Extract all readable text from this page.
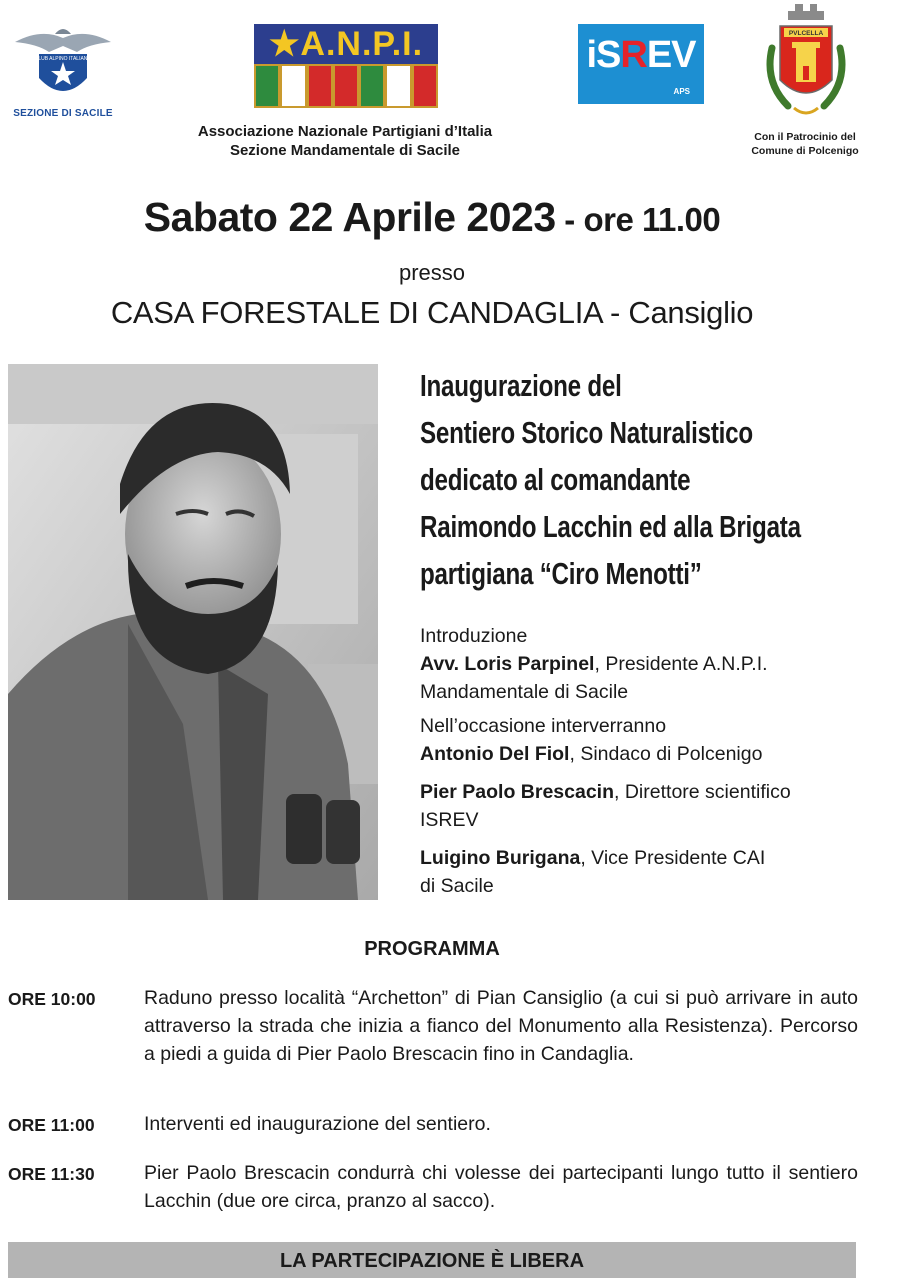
CLUB ALPINO ITALIANO
SEZIONE DI SACILE
★A.N.P.I.
Associazione Nazionale Partigiani d’Italia
Sezione Mandamentale di Sacile
iSREV
APS
PVLCELLA
Con il Patrocinio del
Comune di Polcenigo
Sabato 22 Aprile 2023 - ore 11.00
presso
CASA FORESTALE DI CANDAGLIA - Cansiglio
Inaugurazione del
Sentiero Storico Naturalistico
dedicato al comandante
Raimondo Lacchin ed alla Brigata
partigiana “Ciro Menotti”
Introduzione
Avv. Loris Parpinel, Presidente A.N.P.I.
Mandamentale di Sacile
Nell’occasione interverranno
Antonio Del Fiol, Sindaco di Polcenigo
Pier Paolo Brescacin, Direttore scientifico
ISREV
Luigino Burigana, Vice Presidente CAI
di Sacile
PROGRAMMA
ORE 10:00	Raduno presso località “Archetton” di Pian Cansiglio (a cui si può arrivare in auto attraverso la strada che inizia a fianco del Monumento alla Resistenza). Percorso a piedi a guida di Pier Paolo Brescacin fino in Candaglia.
ORE 11:00	Interventi ed inaugurazione del sentiero.
ORE 11:30	Pier Paolo Brescacin condurrà chi volesse dei partecipanti lungo tutto il sentiero Lacchin (due ore circa, pranzo al sacco).
LA PARTECIPAZIONE È LIBERA
